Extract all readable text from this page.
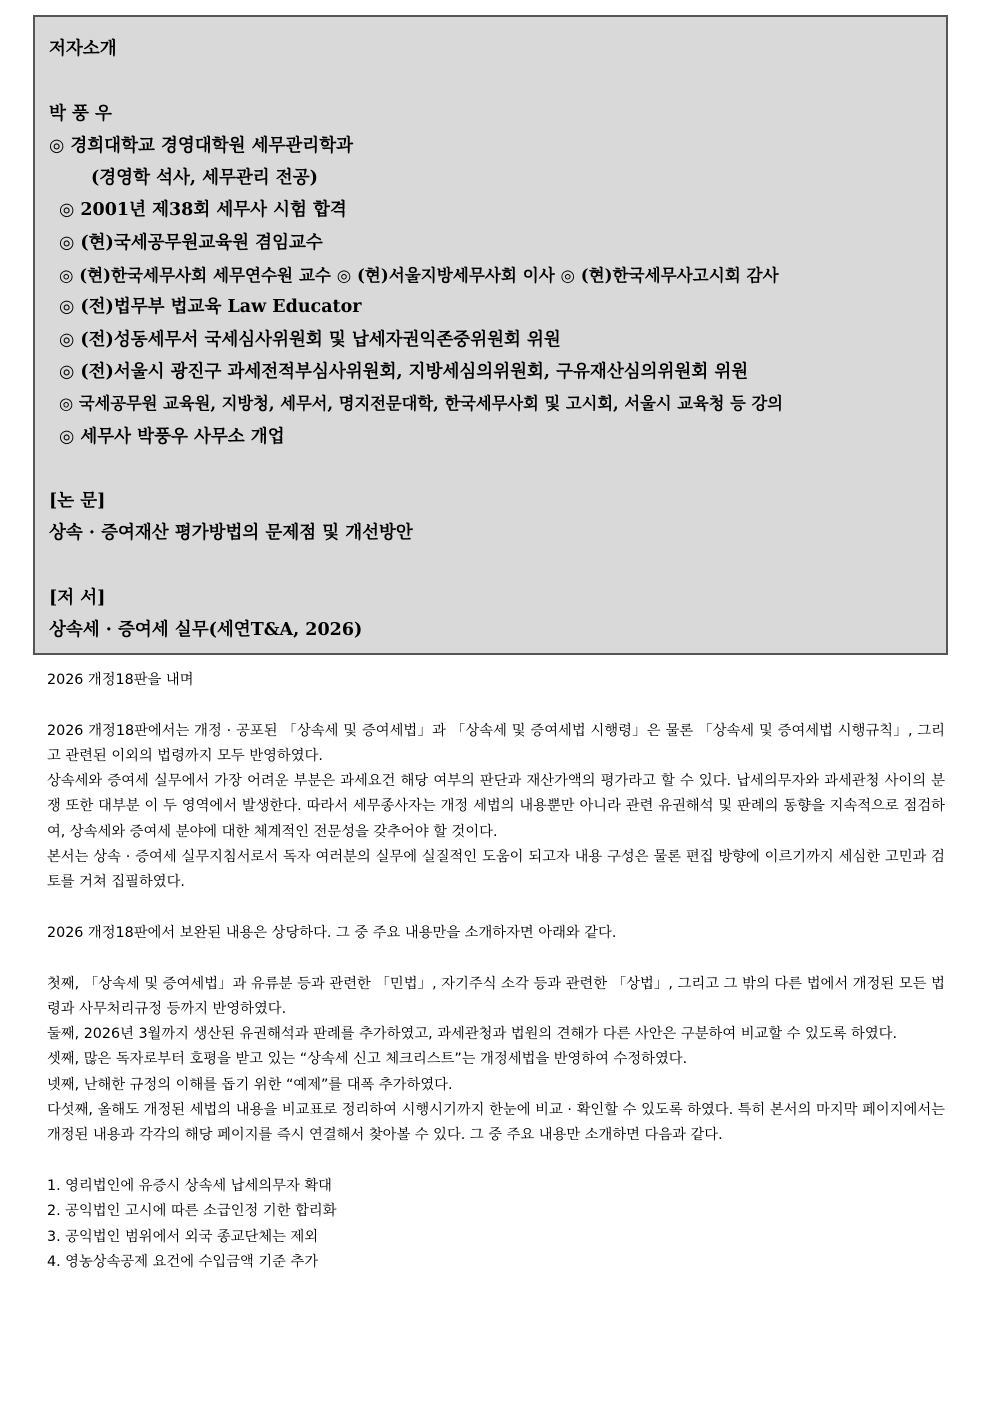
저자소개
박 풍 우
◎ 경희대학교 경영대학원 세무관리학과
(경영학 석사, 세무관리 전공)
◎ 2001년 제38회 세무사 시험 합격
◎ (현)국세공무원교육원 겸임교수
◎ (현)한국세무사회 세무연수원 교수 ◎ (현)서울지방세무사회 이사 ◎ (현)한국세무사고시회 감사
◎ (전)법무부 법교육 Law Educator
◎ (전)성동세무서 국세심사위원회 및 납세자권익존중위원회 위원
◎ (전)서울시 광진구 과세전적부심사위원회, 지방세심의위원회, 구유재산심의위원회 위원
◎ 국세공무원 교육원, 지방청, 세무서, 명지전문대학, 한국세무사회 및 고시회, 서울시 교육청 등 강의
◎ 세무사 박풍우 사무소 개업
[논 문]
상속 · 증여재산 평가방법의 문제점 및 개선방안
[저 서]
상속세 · 증여세 실무(세연T&A, 2026)

2026 개정18판을 내며

2026 개정18판에서는 개정 · 공포된 「상속세 및 증여세법」과 「상속세 및 증여세법 시행령」은 물론 「상속세 및 증여세법 시행규칙」, 그리고 관련된 이외의 법령까지 모두 반영하였다.

상속세와 증여세 실무에서 가장 어려운 부분은 과세요건 해당 여부의 판단과 재산가액의 평가라고 할 수 있다. 납세의무자와 과세관청 사이의 분쟁 또한 대부분 이 두 영역에서 발생한다. 따라서 세무종사자는 개정 세법의 내용뿐만 아니라 관련 유권해석 및 판례의 동향을 지속적으로 점검하여, 상속세와 증여세 분야에 대한 체계적인 전문성을 갖추어야 할 것이다.

본서는 상속 · 증여세 실무지침서로서 독자 여러분의 실무에 실질적인 도움이 되고자 내용 구성은 물론 편집 방향에 이르기까지 세심한 고민과 검토를 거쳐 집필하였다.

2026 개정18판에서 보완된 내용은 상당하다. 그 중 주요 내용만을 소개하자면 아래와 같다.

첫째, 「상속세 및 증여세법」과 유류분 등과 관련한 「민법」, 자기주식 소각 등과 관련한 「상법」, 그리고 그 밖의 다른 법에서 개정된 모든 법령과 사무처리규정 등까지 반영하였다.

둘째, 2026년 3월까지 생산된 유권해석과 판례를 추가하였고, 과세관청과 법원의 견해가 다른 사안은 구분하여 비교할 수 있도록 하였다.

셋째, 많은 독자로부터 호평을 받고 있는 “상속세 신고 체크리스트”는 개정세법을 반영하여 수정하였다.

넷째, 난해한 규정의 이해를 돕기 위한 “예제”를 대폭 추가하였다.

다섯째, 올해도 개정된 세법의 내용을 비교표로 정리하여 시행시기까지 한눈에 비교 · 확인할 수 있도록 하였다. 특히 본서의 마지막 페이지에서는 개정된 내용과 각각의 해당 페이지를 즉시 연결해서 찾아볼 수 있다. 그 중 주요 내용만 소개하면 다음과 같다.

1. 영리법인에 유증시 상속세 납세의무자 확대

2. 공익법인 고시에 따른 소급인정 기한 합리화

3. 공익법인 범위에서 외국 종교단체는 제외

4. 영농상속공제 요건에 수입금액 기준 추가
